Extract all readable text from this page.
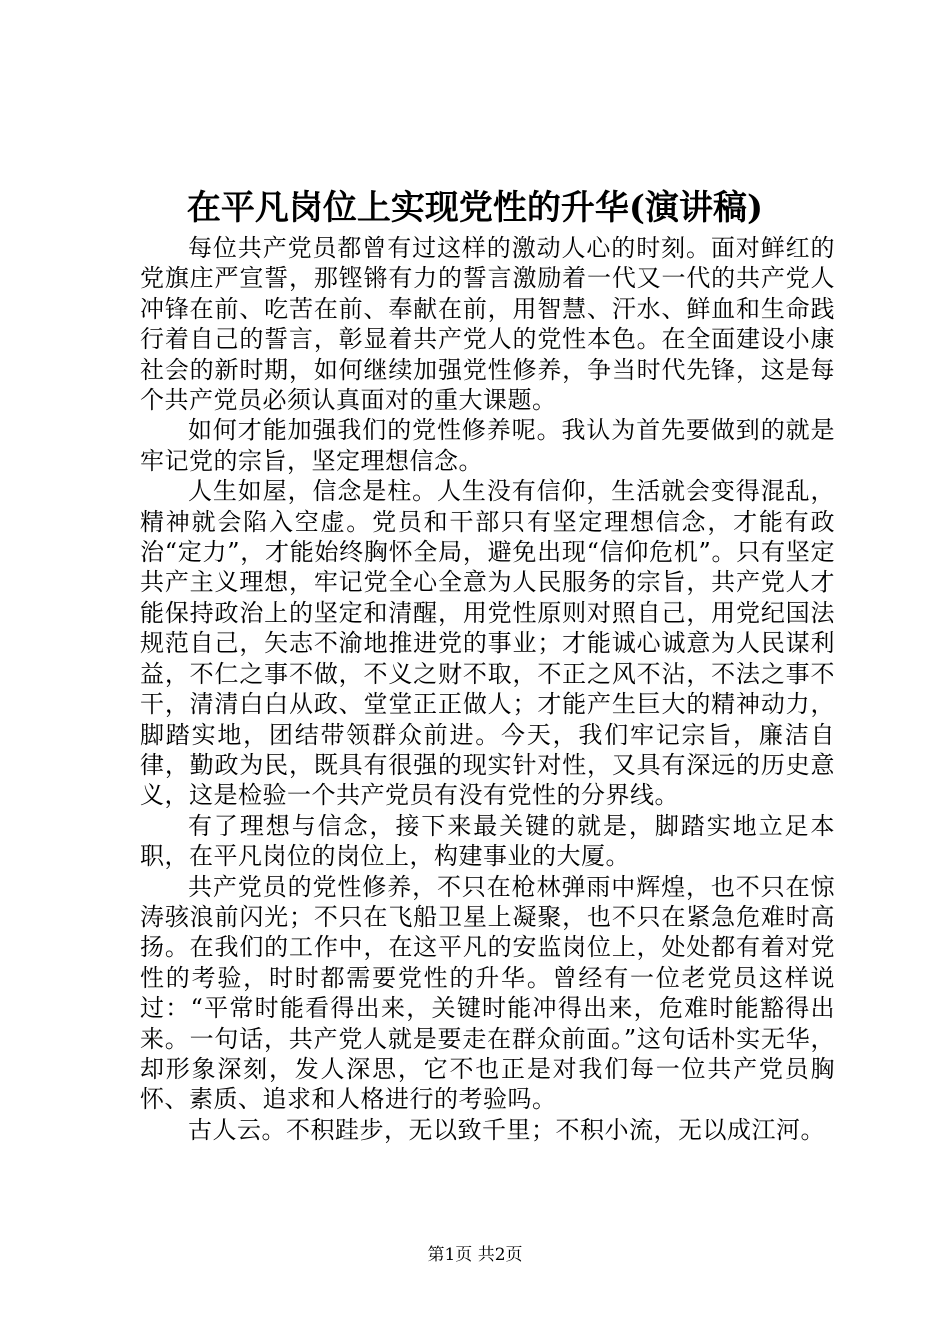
在平凡岗位上实现党性的升华(演讲稿)

每位共产党员都曾有过这样的激动人心的时刻。面对鲜红的党旗庄严宣誓，那铿锵有力的誓言激励着一代又一代的共产党人冲锋在前、吃苦在前、奉献在前，用智慧、汗水、鲜血和生命践行着自己的誓言，彰显着共产党人的党性本色。在全面建设小康社会的新时期，如何继续加强党性修养，争当时代先锋，这是每个共产党员必须认真面对的重大课题。

如何才能加强我们的党性修养呢。我认为首先要做到的就是牢记党的宗旨，坚定理想信念。

人生如屋，信念是柱。人生没有信仰，生活就会变得混乱，精神就会陷入空虚。党员和干部只有坚定理想信念，才能有政治“定力”，才能始终胸怀全局，避免出现“信仰危机”。只有坚定共产主义理想，牢记党全心全意为人民服务的宗旨，共产党人才能保持政治上的坚定和清醒，用党性原则对照自己，用党纪国法规范自己，矢志不渝地推进党的事业；才能诚心诚意为人民谋利益，不仁之事不做，不义之财不取，不正之风不沾，不法之事不干，清清白白从政、堂堂正正做人；才能产生巨大的精神动力，脚踏实地，团结带领群众前进。今天，我们牢记宗旨，廉洁自律，勤政为民，既具有很强的现实针对性，又具有深远的历史意义，这是检验一个共产党员有没有党性的分界线。

有了理想与信念，接下来最关键的就是，脚踏实地立足本职，在平凡岗位的岗位上，构建事业的大厦。

共产党员的党性修养，不只在枪林弹雨中辉煌，也不只在惊涛骇浪前闪光；不只在飞船卫星上凝聚，也不只在紧急危难时高扬。在我们的工作中，在这平凡的安监岗位上，处处都有着对党性的考验，时时都需要党性的升华。曾经有一位老党员这样说过：“平常时能看得出来，关键时能冲得出来，危难时能豁得出来。一句话，共产党人就是要走在群众前面。”这句话朴实无华，却形象深刻，发人深思，它不也正是对我们每一位共产党员胸怀、素质、追求和人格进行的考验吗。

古人云。不积跬步，无以致千里；不积小流，无以成江河。

第1页 共2页
